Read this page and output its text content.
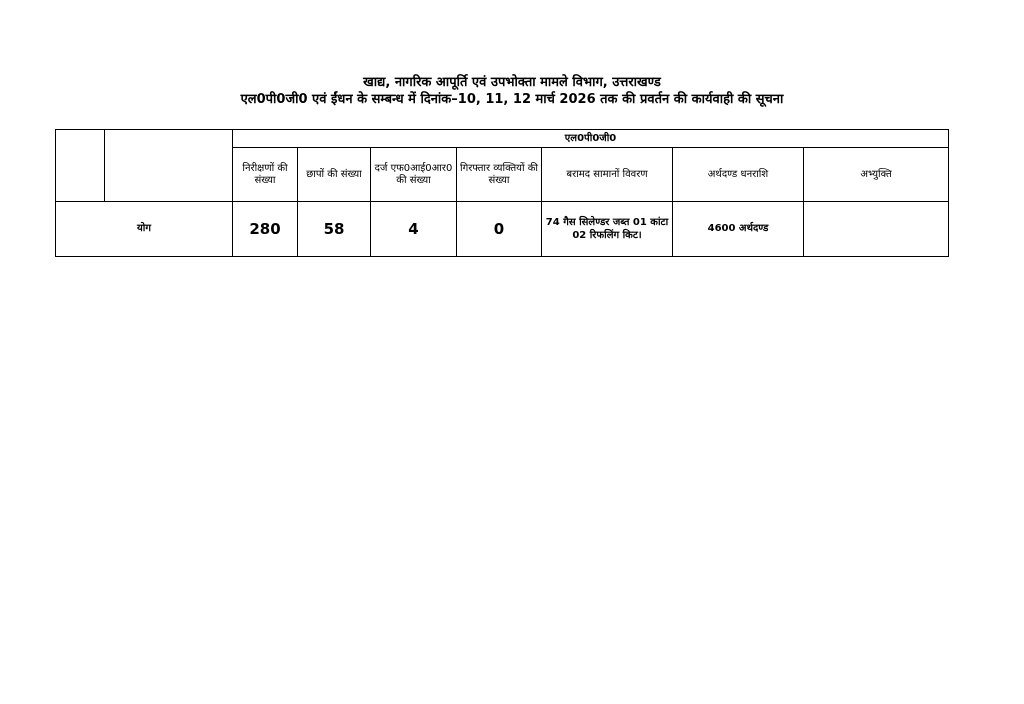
खाद्य, नागरिक आपूर्ति एवं उपभोक्ता मामले विभाग, उत्तराखण्ड
एल0पी0जी0 एवं ईंधन के सम्बन्ध में दिनांक–10, 11, 12 मार्च 2026 तक की प्रवर्तन की कार्यवाही की सूचना
		एल0पी0जी0						
		निरीक्षणों की संख्या	छापों की संख्या	दर्ज एफ0आई0आर0 की संख्या	गिरफ्तार व्यक्तियों की संख्या	बरामद सामानों विवरण	अर्थदण्ड धनराशि	अभ्युक्ति
योग		280	58	4	0	74 गैस सिलेण्डर जब्त 01 कांटा 02 रिफलिंग किट।	4600 अर्थदण्ड	
